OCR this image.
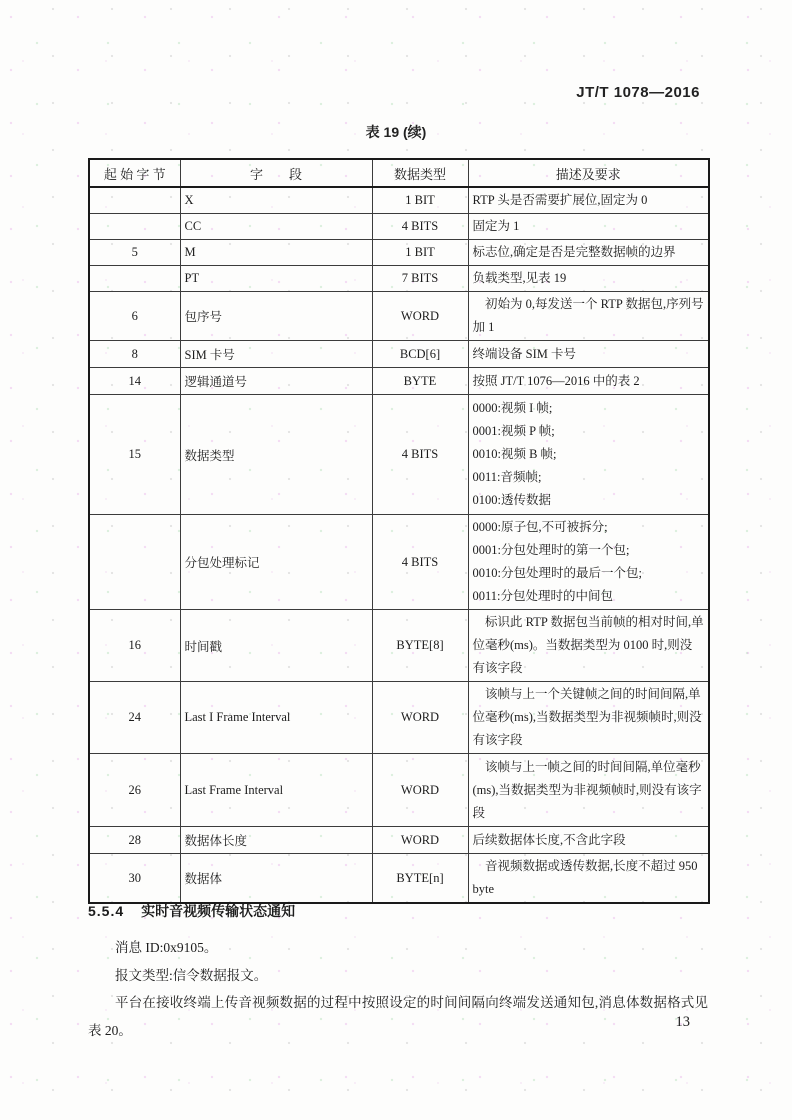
JT/T 1078—2016
表 19 (续)
起 始 字 节	字　　段	数据类型	描述及要求
	X	1 BIT	RTP 头是否需要扩展位,固定为 0

	CC	4 BITS	固定为 1

5	M	1 BIT	标志位,确定是否是完整数据帧的边界

	PT	7 BITS	负载类型,见表 19

6	包序号	WORD	初始为 0,每发送一个 RTP 数据包,序列号加 1

8	SIM 卡号	BCD[6]	终端设备 SIM 卡号

14	逻辑通道号	BYTE	按照 JT/T 1076—2016 中的表 2

15	数据类型	4 BITS	0000:视频 I 帧;
0001:视频 P 帧;
0010:视频 B 帧;
0011:音频帧;
0100:透传数据

	分包处理标记	4 BITS	0000:原子包,不可被拆分;
0001:分包处理时的第一个包;
0010:分包处理时的最后一个包;
0011:分包处理时的中间包

16	时间戳	BYTE[8]	标识此 RTP 数据包当前帧的相对时间,单位毫秒(ms)。当数据类型为 0100 时,则没有该字段

24	Last I Frame Interval	WORD	该帧与上一个关键帧之间的时间间隔,单位毫秒(ms),当数据类型为非视频帧时,则没有该字段

26	Last Frame Interval	WORD	该帧与上一帧之间的时间间隔,单位毫秒(ms),当数据类型为非视频帧时,则没有该字段

28	数据体长度	WORD	后续数据体长度,不含此字段

30	数据体	BYTE[n]	音视频数据或透传数据,长度不超过 950 byte
5.5.4 实时音视频传输状态通知

消息 ID:0x9105。

报文类型:信令数据报文。

平台在接收终端上传音视频数据的过程中按照设定的时间间隔向终端发送通知包,消息体数据格式见表 20。	13
